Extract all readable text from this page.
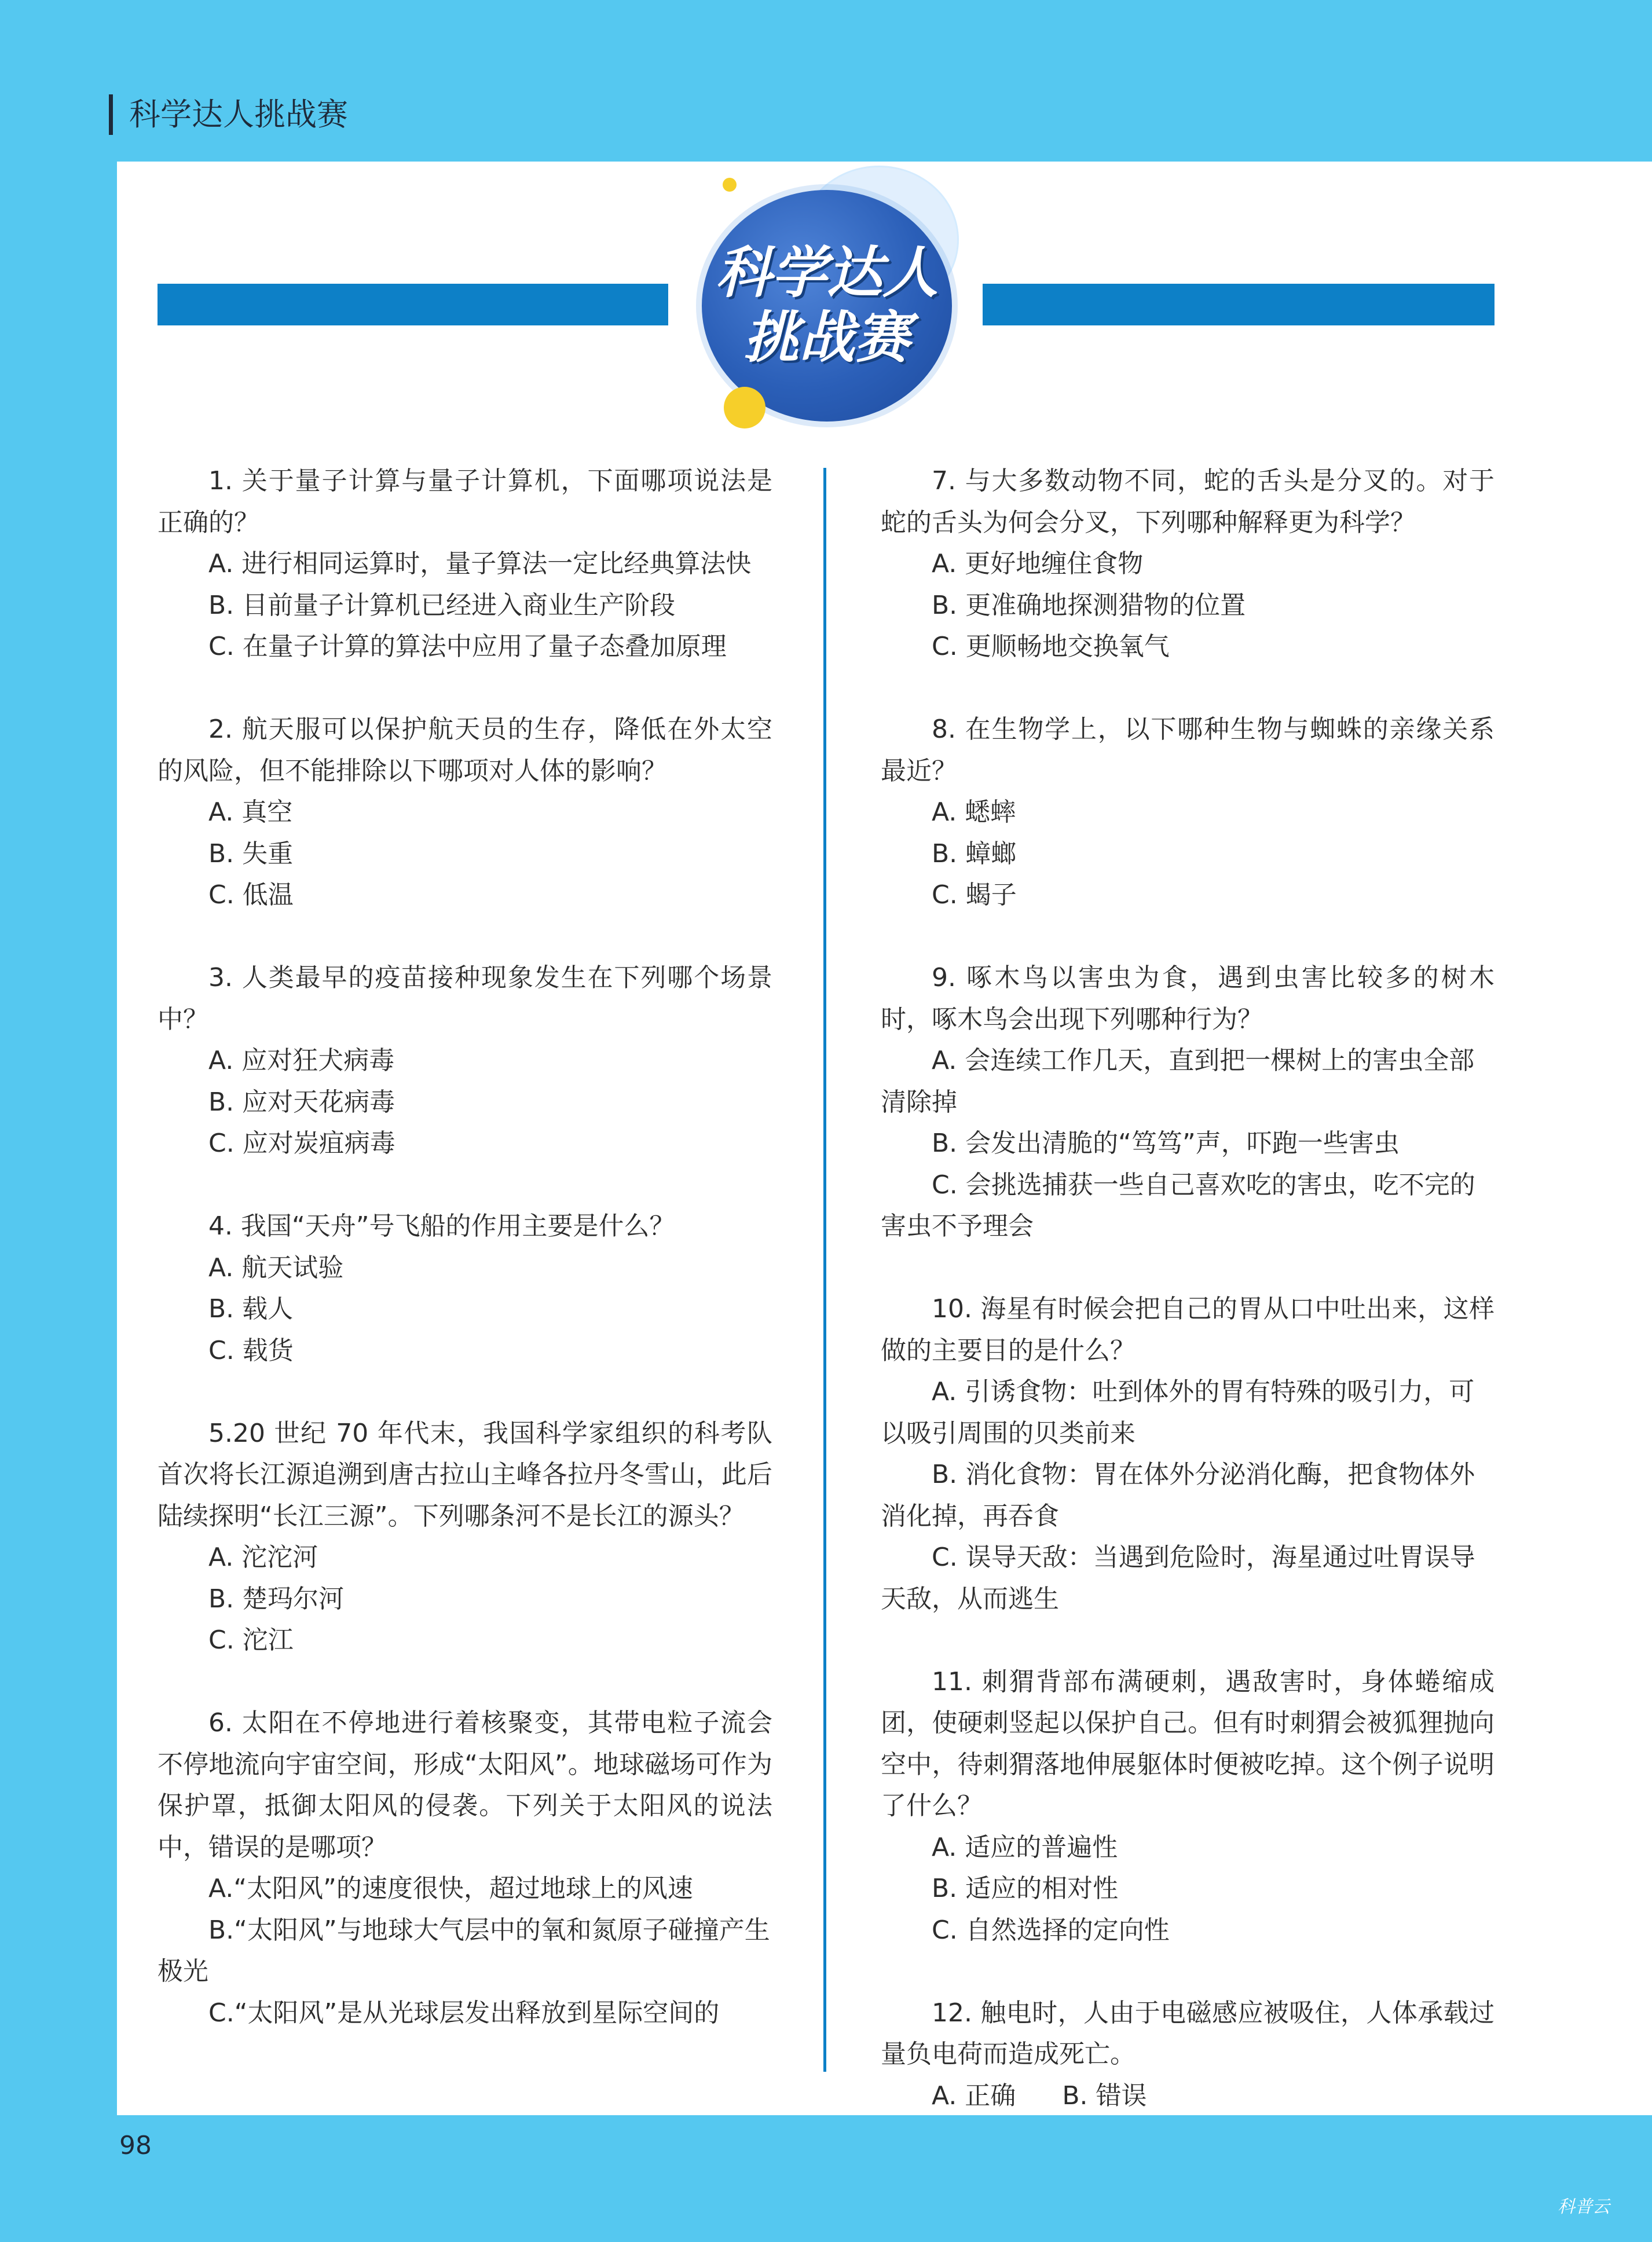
科学达人挑战赛
科学达人
挑战赛
1. 关于量子计算与量子计算机，下面哪项说法是正确的？
A. 进行相同运算时，量子算法一定比经典算法快
B. 目前量子计算机已经进入商业生产阶段
C. 在量子计算的算法中应用了量子态叠加原理
2. 航天服可以保护航天员的生存，降低在外太空的风险，但不能排除以下哪项对人体的影响？
A. 真空
B. 失重
C. 低温
3. 人类最早的疫苗接种现象发生在下列哪个场景中？
A. 应对狂犬病毒
B. 应对天花病毒
C. 应对炭疽病毒
4. 我国“天舟”号飞船的作用主要是什么？
A. 航天试验
B. 载人
C. 载货
5.20 世纪 70 年代末，我国科学家组织的科考队首次将长江源追溯到唐古拉山主峰各拉丹冬雪山，此后陆续探明“长江三源”。下列哪条河不是长江的源头？
A. 沱沱河
B. 楚玛尔河
C. 沱江
6. 太阳在不停地进行着核聚变，其带电粒子流会不停地流向宇宙空间，形成“太阳风”。地球磁场可作为保护罩，抵御太阳风的侵袭。下列关于太阳风的说法中，错误的是哪项？
A.“太阳风”的速度很快，超过地球上的风速
B.“太阳风”与地球大气层中的氧和氮原子碰撞产生极光
C.“太阳风”是从光球层发出释放到星际空间的
7. 与大多数动物不同，蛇的舌头是分叉的。对于蛇的舌头为何会分叉，下列哪种解释更为科学？
A. 更好地缠住食物
B. 更准确地探测猎物的位置
C. 更顺畅地交换氧气
8. 在生物学上，以下哪种生物与蜘蛛的亲缘关系最近？
A. 蟋蟀
B. 蟑螂
C. 蝎子
9. 啄木鸟以害虫为食，遇到虫害比较多的树木时，啄木鸟会出现下列哪种行为？
A. 会连续工作几天，直到把一棵树上的害虫全部清除掉
B. 会发出清脆的“笃笃”声，吓跑一些害虫
C. 会挑选捕获一些自己喜欢吃的害虫，吃不完的害虫不予理会
10. 海星有时候会把自己的胃从口中吐出来，这样做的主要目的是什么？
A. 引诱食物：吐到体外的胃有特殊的吸引力，可以吸引周围的贝类前来
B. 消化食物：胃在体外分泌消化酶，把食物体外消化掉，再吞食
C. 误导天敌：当遇到危险时，海星通过吐胃误导天敌，从而逃生
11. 刺猬背部布满硬刺，遇敌害时，身体蜷缩成团，使硬刺竖起以保护自己。但有时刺猬会被狐狸抛向空中，待刺猬落地伸展躯体时便被吃掉。这个例子说明了什么？
A. 适应的普遍性
B. 适应的相对性
C. 自然选择的定向性
12. 触电时，人由于电磁感应被吸住，人体承载过量负电荷而造成死亡。
A. 正确 B. 错误
98
科普云
